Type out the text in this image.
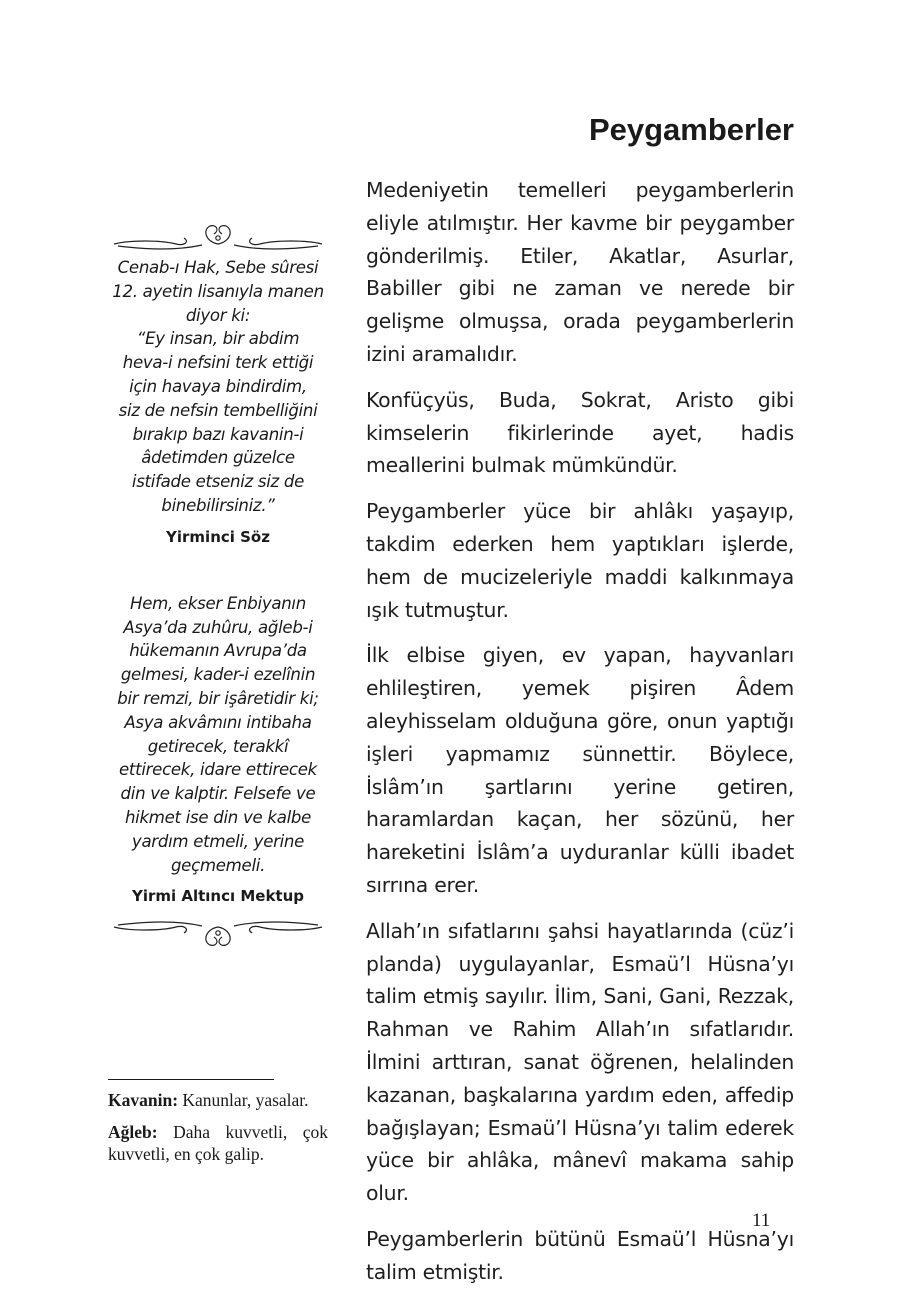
Peygamberler

Medeniyetin temelleri peygamberlerin eliyle atılmıştır. Her kavme bir peygamber gönderilmiş. Etiler, Akatlar, Asurlar, Babiller gibi ne zaman ve nerede bir gelişme olmuşsa, orada peygamberlerin izini aramalıdır.

Konfüçyüs, Buda, Sokrat, Aristo gibi kimselerin fikirlerinde ayet, hadis meallerini bulmak mümkündür.

Peygamberler yüce bir ahlâkı yaşayıp, takdim ederken hem yaptıkları işlerde, hem de mucizeleriyle maddi kalkınmaya ışık tutmuştur.

İlk elbise giyen, ev yapan, hayvanları ehlileştiren, yemek pişiren Âdem aleyhisselam olduğuna göre, onun yaptığı işleri yapmamız sünnettir. Böylece, İslâm’ın şartlarını yerine getiren, haramlardan kaçan, her sözünü, her hareketini İslâm’a uyduranlar külli ibadet sırrına erer.

Allah’ın sıfatlarını şahsi hayatlarında (cüz’i planda) uygulayanlar, Esmaü’l Hüsna’yı talim etmiş sayılır. İlim, Sani, Gani, Rezzak, Rahman ve Rahim Allah’ın sıfatlarıdır. İlmini arttıran, sanat öğrenen, helalinden kazanan, başkalarına yardım eden, affedip bağışlayan; Esmaü’l Hüsna’yı talim ederek yüce bir ahlâka, mânevî makama sahip olur.

Peygamberlerin bütünü Esmaü’l Hüsna’yı talim etmiştir.

Cenab-ı Hak, Sebe sûresi
12. ayetin lisanıyla manen
diyor ki:
“Ey insan, bir abdim
heva-i nefsini terk ettiği
için havaya bindirdim,
siz de nefsin tembelliğini
bırakıp bazı kavanin-i
âdetimden güzelce
istifade etseniz siz de
binebilirsiniz.”
Yirminci Söz
Hem, ekser Enbiyanın
Asya’da zuhûru, ağleb-i
hükemanın Avrupa’da
gelmesi, kader-i ezelînin
bir remzi, bir işâretidir ki;
Asya akvâmını intibaha
getirecek, terakkî
ettirecek, idare ettirecek
din ve kalptir. Felsefe ve
hikmet ise din ve kalbe
yardım etmeli, yerine
geçmemeli.
Yirmi Altıncı Mektup

Kavanin: Kanunlar, yasalar.

Ağleb: Daha kuvvetli, çok kuvvetli, en çok galip.

11
